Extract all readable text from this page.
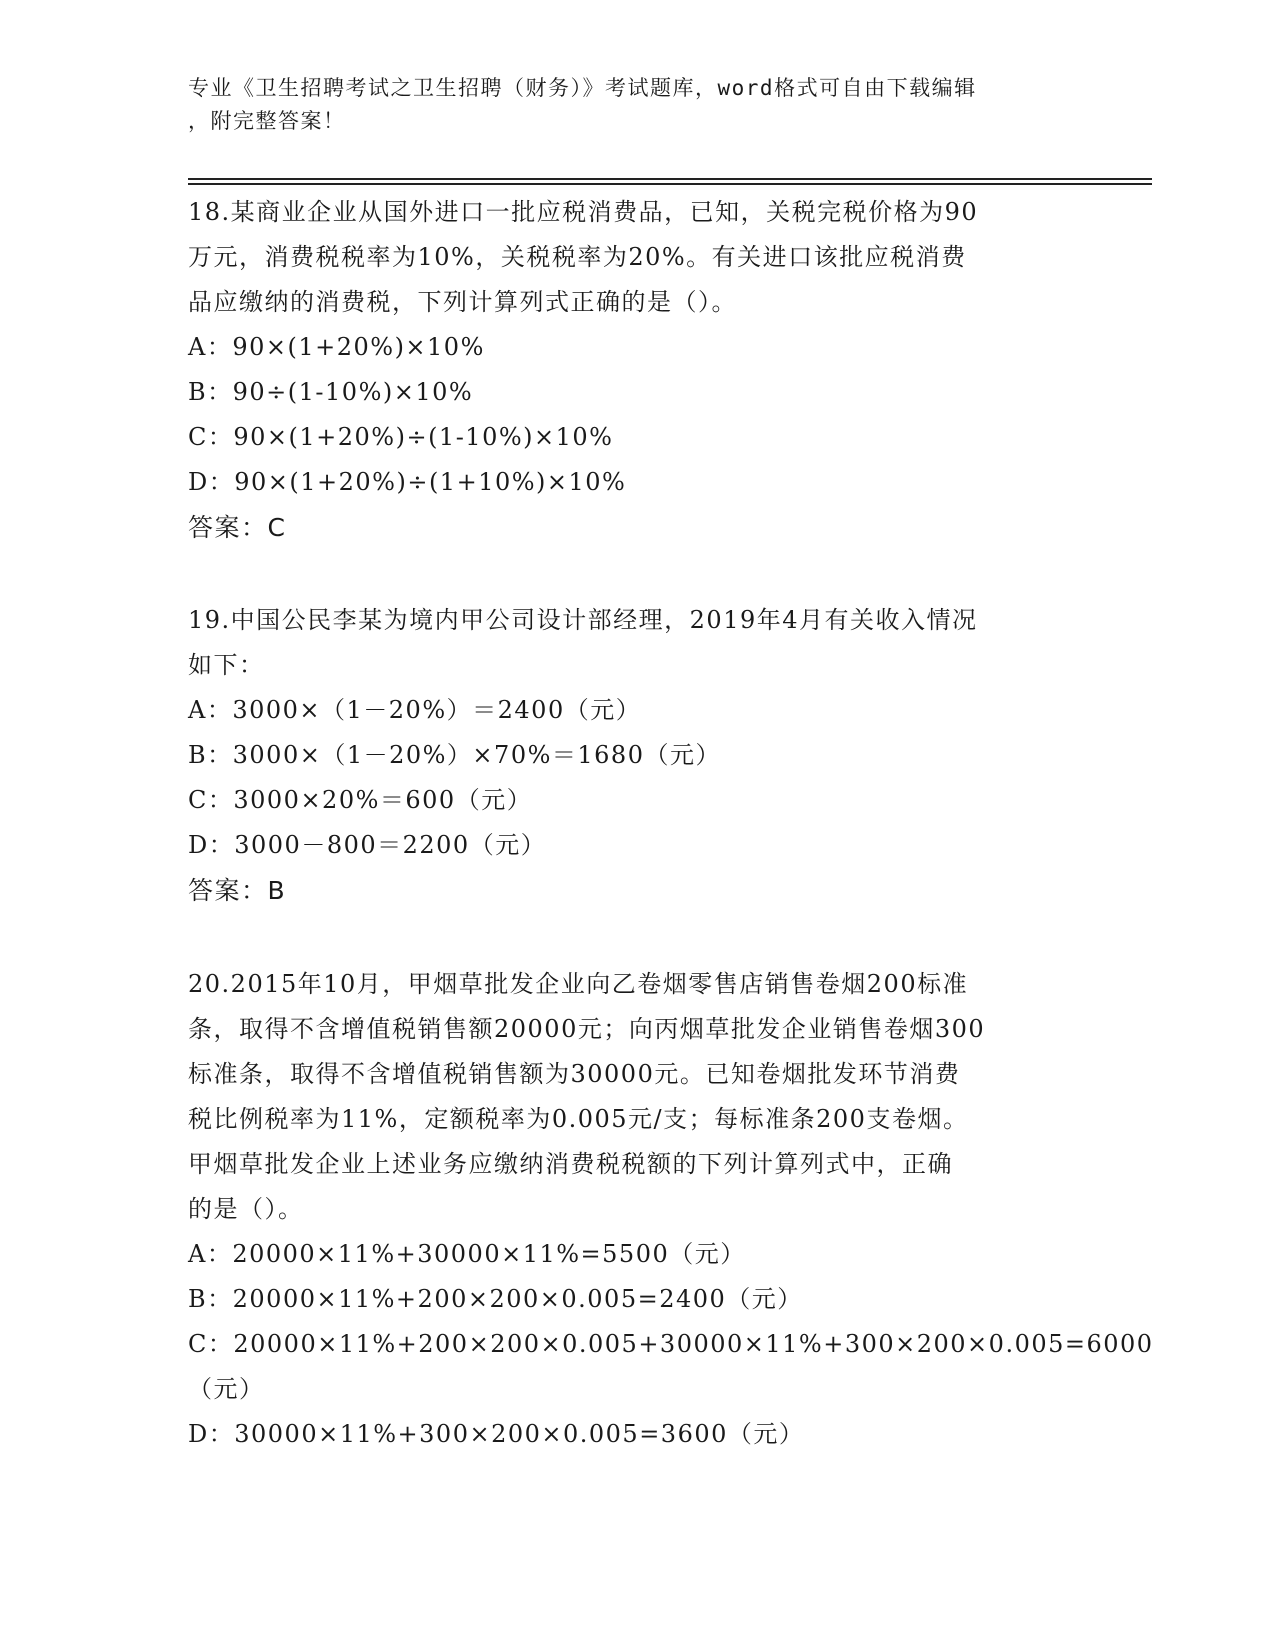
专业《卫生招聘考试之卫生招聘（财务）》考试题库，word格式可自由下载编辑
，附完整答案！
18.某商业企业从国外进口一批应税消费品，已知，关税完税价格为90
万元，消费税税率为10%，关税税率为20%。有关进口该批应税消费
品应缴纳的消费税，下列计算列式正确的是（）。
A：90×(1+20%)×10%
B：90÷(1-10%)×10%
C：90×(1+20%)÷(1-10%)×10%
D：90×(1+20%)÷(1+10%)×10%
答案：C
19.中国公民李某为境内甲公司设计部经理，2019年4月有关收入情况
如下：
A：3000×（1－20%）＝2400（元）
B：3000×（1－20%）×70%＝1680（元）
C：3000×20%＝600（元）
D：3000－800＝2200（元）
答案：B
20.2015年10月，甲烟草批发企业向乙卷烟零售店销售卷烟200标准
条，取得不含增值税销售额20000元；向丙烟草批发企业销售卷烟300
标准条，取得不含增值税销售额为30000元。已知卷烟批发环节消费
税比例税率为11%，定额税率为0.005元/支；每标准条200支卷烟。
甲烟草批发企业上述业务应缴纳消费税税额的下列计算列式中，正确
的是（）。
A：20000×11%+30000×11%=5500（元）
B：20000×11%+200×200×0.005=2400（元）
C：20000×11%+200×200×0.005+30000×11%+300×200×0.005=6000
（元）
D：30000×11%+300×200×0.005=3600（元）
